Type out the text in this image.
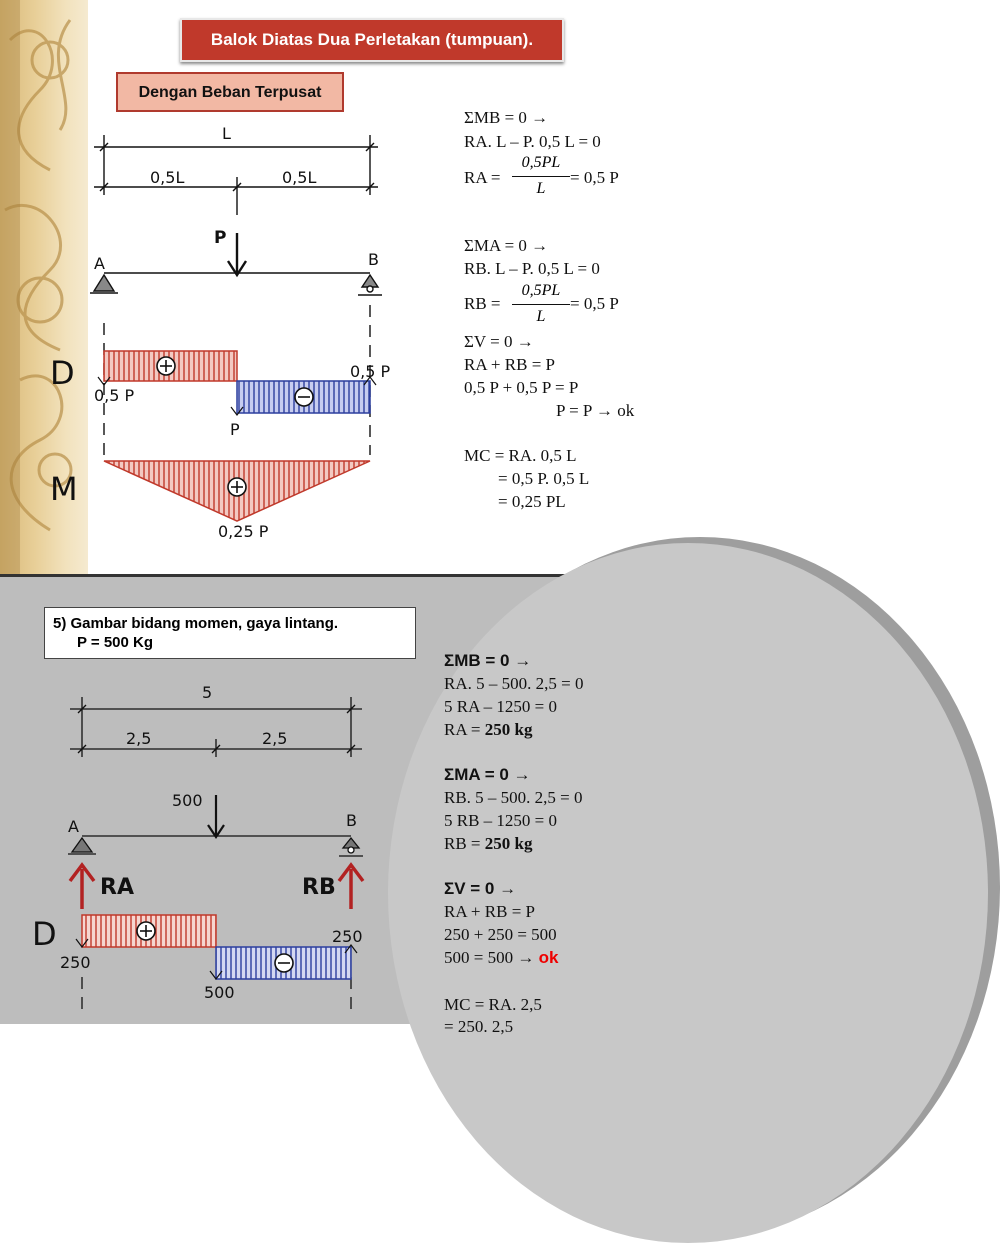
Balok Diatas Dua Perletakan (tumpuan).
Dengan Beban Terpusat
L
0,5L	0,5L
P
A	B
D
M
0,5 P
0,5 P
P
0,25 P
ΣMB = 0 →
RA. L – P. 0,5 L = 0
RA =
0,5PL
L
= 0,5 P
ΣMA = 0 →
RB. L – P. 0,5 L = 0
RB =
0,5PL
L
= 0,5 P
ΣV = 0 →
RA + RB = P
0,5 P + 0,5 P = P
P = P → ok
MC = RA. 0,5 L
= 0,5 P. 0,5 L
= 0,25 PL
5) Gambar bidang momen, gaya lintang.
P = 500 Kg
5
2,5	2,5
500
A	B
RA	RB
D
250
250
500
ΣMB = 0 →
RA. 5 – 500. 2,5 = 0
5 RA – 1250 = 0
RA = 250 kg
ΣMA = 0 →
RB. 5 – 500. 2,5 = 0
5 RB – 1250 = 0
RB = 250 kg
ΣV = 0 →
RA + RB = P
250 + 250 = 500
500 = 500 → ok
MC = RA. 2,5
= 250. 2,5
